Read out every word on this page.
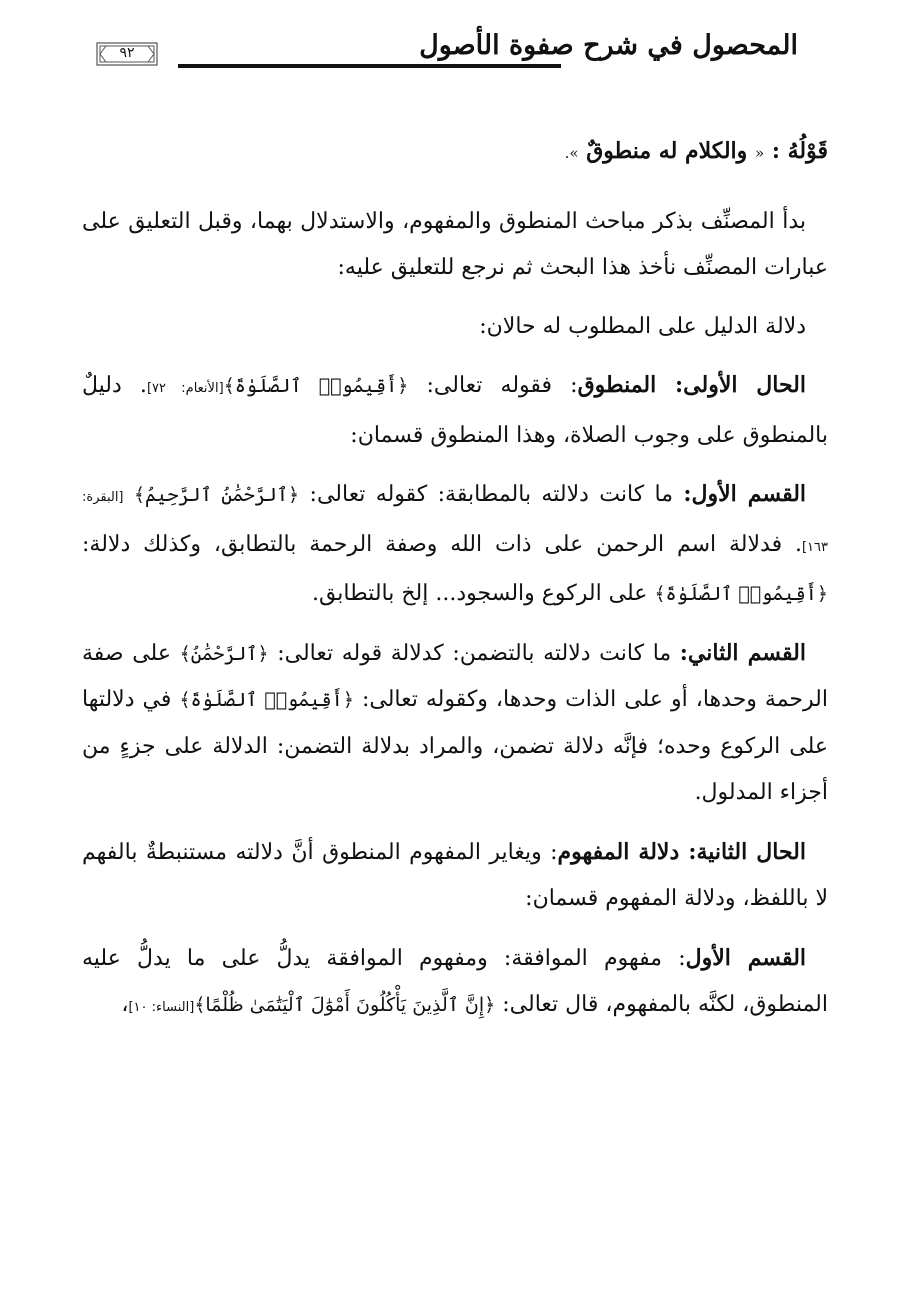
المحصول في شرح صفوة الأصول
٩٢

قَوْلُهُ : « والكلام له منطوقٌ ».

بدأ المصنِّف بذكر مباحث المنطوق والمفهوم، والاستدلال بهما، وقبل التعليق على عبارات المصنِّف نأخذ هذا البحث ثم نرجع للتعليق عليه:

دلالة الدليل على المطلوب له حالان:

الحال الأولى: المنطوق: فقوله تعالى: ﴿أَقِيمُوا۟ ٱلصَّلَوٰةَ﴾[الأنعام: ٧٢]. دليلٌ بالمنطوق على وجوب الصلاة، وهذا المنطوق قسمان:

القسم الأول: ما كانت دلالته بالمطابقة: كقوله تعالى: ﴿ٱلرَّحْمَٰنُ ٱلرَّحِيمُ﴾ [البقرة: ١٦٣]. فدلالة اسم الرحمن على ذات الله وصفة الرحمة بالتطابق، وكذلك دلالة: ﴿أَقِيمُوا۟ ٱلصَّلَوٰةَ﴾ على الركوع والسجود... إلخ بالتطابق.

القسم الثاني: ما كانت دلالته بالتضمن: كدلالة قوله تعالى: ﴿ٱلرَّحْمَٰنُ﴾ على صفة الرحمة وحدها، أو على الذات وحدها، وكقوله تعالى: ﴿أَقِيمُوا۟ ٱلصَّلَوٰةَ﴾ في دلالتها على الركوع وحده؛ فإنَّه دلالة تضمن، والمراد بدلالة التضمن: الدلالة على جزءٍ من أجزاء المدلول.

الحال الثانية: دلالة المفهوم: ويغاير المفهوم المنطوق أنَّ دلالته مستنبطةٌ بالفهم لا باللفظ، ودلالة المفهوم قسمان:

القسم الأول: مفهوم الموافقة: ومفهوم الموافقة يدلُّ على ما يدلُّ عليه المنطوق، لكنَّه بالمفهوم، قال تعالى: ﴿إِنَّ ٱلَّذِينَ يَأْكُلُونَ أَمْوَٰلَ ٱلْيَتَٰمَىٰ ظُلْمًا﴾[النساء: ١٠]،
